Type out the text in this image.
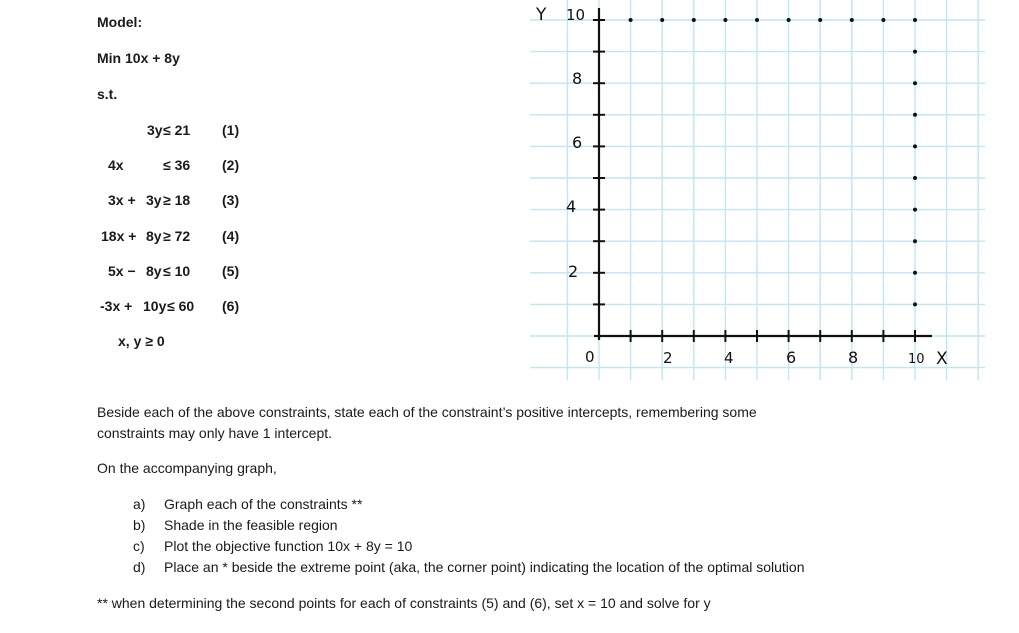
Model:
Min 10x + 8y
s.t.
3y ≤ 21 (1)
4x	≤ 36 (2)
3x + 3y ≥ 18 (3)
18x + 8y ≥ 72 (4)
5x − 8y ≤ 10 (5)
-3x + 10y ≤ 60 (6)
x, y ≥ 0
Y
X
0
10
8
6
4
2
2	4	6	8	10
Beside each of the above constraints, state each of the constraint’s positive intercepts, remembering some
constraints may only have 1 intercept.
On the accompanying graph,
a) Graph each of the constraints **
b) Shade in the feasible region
c) Plot the objective function 10x + 8y = 10
d) Place an * beside the extreme point (aka, the corner point) indicating the location of the optimal solution
** when determining the second points for each of constraints (5) and (6), set x = 10 and solve for y
